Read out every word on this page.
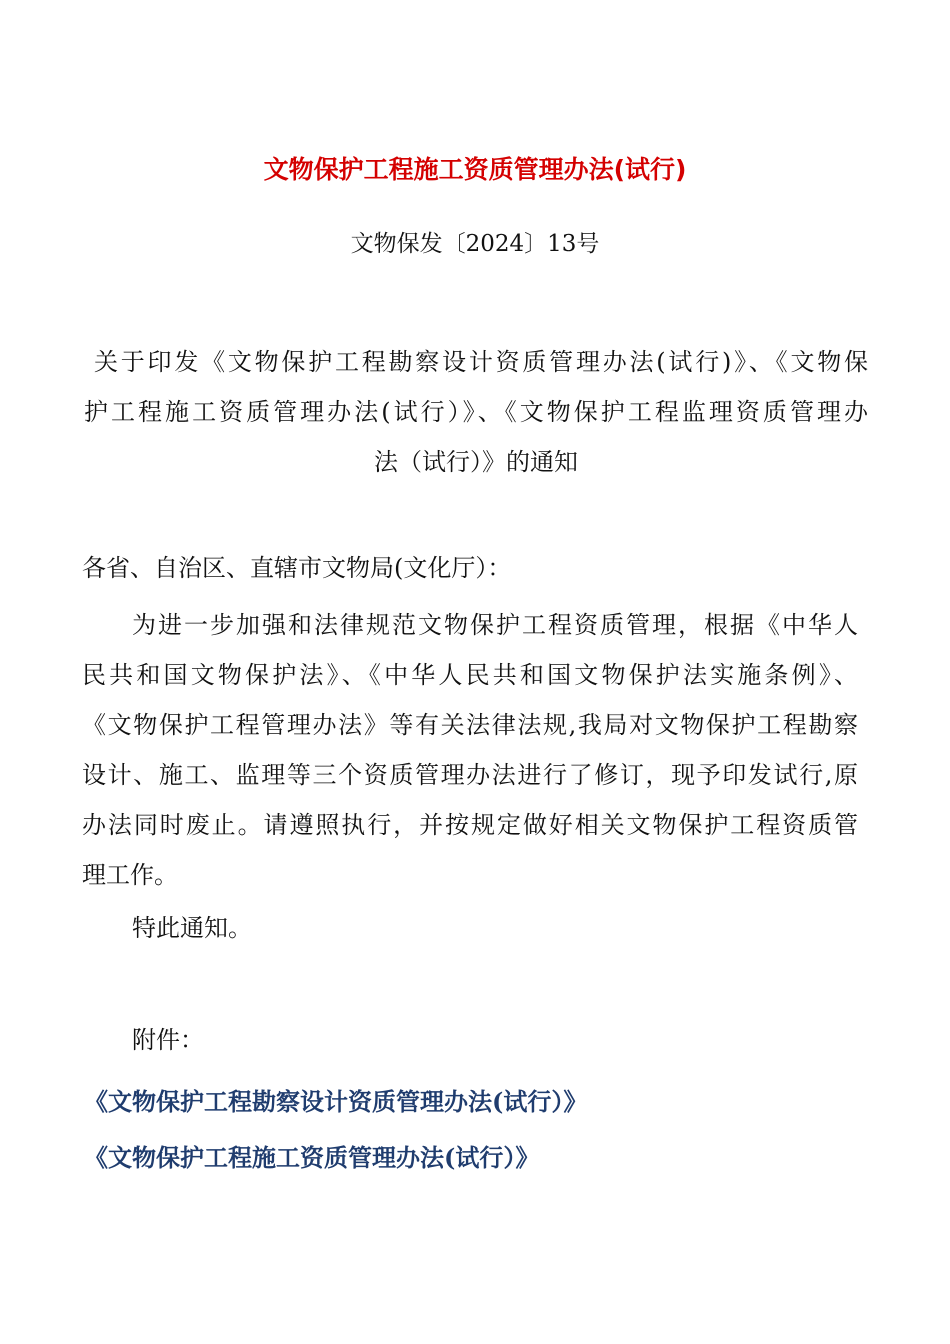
文物保护工程施工资质管理办法(试行)
文物保发〔2024〕13号
关于印发《文物保护工程勘察设计资质管理办法(试行)》、《文物保
护工程施工资质管理办法(试行）》、《文物保护工程监理资质管理办
法（试行）》的通知
各省、自治区、直辖市文物局(文化厅）：
为进一步加强和法律规范文物保护工程资质管理，根据《中华人
民共和国文物保护法》、《中华人民共和国文物保护法实施条例》、
《文物保护工程管理办法》等有关法律法规,我局对文物保护工程勘察
设计、施工、监理等三个资质管理办法进行了修订，现予印发试行,原
办法同时废止。请遵照执行，并按规定做好相关文物保护工程资质管
理工作。
特此通知。
附件：
《文物保护工程勘察设计资质管理办法(试行）》
《文物保护工程施工资质管理办法(试行）》
